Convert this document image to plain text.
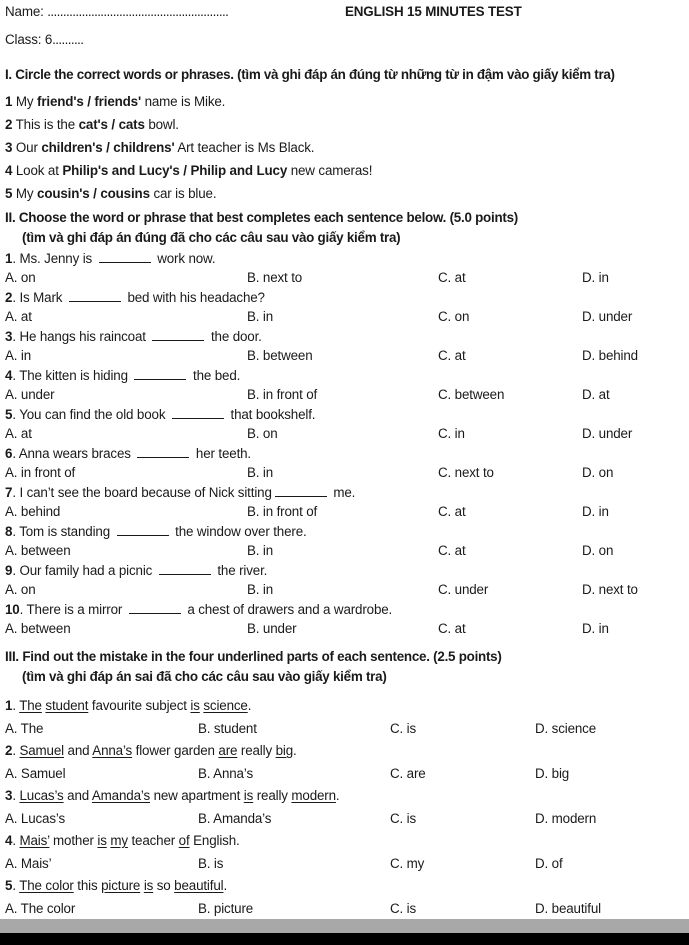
Name: ..........................................................	ENGLISH 15 MINUTES TEST
Class: 6..........
I. Circle the correct words or phrases. (tìm và ghi đáp án đúng từ những từ in đậm vào giấy kiểm tra)
1 My friend's / friends' name is Mike.
2 This is the cat's / cats bowl.
3 Our children's / childrens' Art teacher is Ms Black.
4 Look at Philip's and Lucy's / Philip and Lucy new cameras!
5 My cousin's / cousins car is blue.
II. Choose the word or phrase that best completes each sentence below. (5.0 points)
(tìm và ghi đáp án đúng đã cho các câu sau vào giấy kiểm tra)
1. Ms. Jenny is	work now.
A. on	B. next to	C. at	D. in
2. Is Mark	bed with his headache?
A. at	B. in	C. on	D. under
3. He hangs his raincoat	the door.
A. in	B. between	C. at	D. behind
4. The kitten is hiding	the bed.
A. under	B. in front of	C. between	D. at
5. You can find the old book	that bookshelf.
A. at	B. on	C. in	D. under
6. Anna wears braces	her teeth.
A. in front of	B. in	C. next to	D. on
7. I can’t see the board because of Nick sitting	me.
A. behind	B. in front of	C. at	D. in
8. Tom is standing	the window over there.
A. between	B. in	C. at	D. on
9. Our family had a picnic	the river.
A. on	B. in	C. under	D. next to
10. There is a mirror	a chest of drawers and a wardrobe.
A. between	B. under	C. at	D. in
III. Find out the mistake in the four underlined parts of each sentence. (2.5 points)
(tìm và ghi đáp án sai đã cho các câu sau vào giấy kiểm tra)
1. The student favourite subject is science.
A. The	B. student	C. is	D. science
2. Samuel and Anna’s flower garden are really big.
A. Samuel	B. Anna’s	C. are	D. big
3. Lucas’s and Amanda’s new apartment is really modern.
A. Lucas’s	B. Amanda’s	C. is	D. modern
4. Mais’ mother is my teacher of English.
A. Mais’	B. is	C. my	D. of
5. The color this picture is so beautiful.
A. The color	B. picture	C. is	D. beautiful
